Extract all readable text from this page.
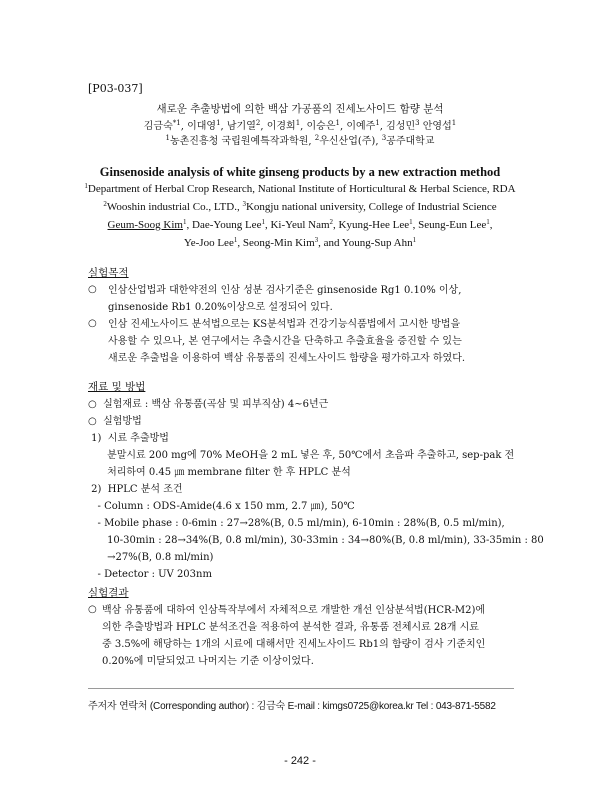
[P03-037]
새로운 추출방법에 의한 백삼 가공품의 진세노사이드 함량 분석
김금숙$^{*1}$, 이대영$^1$, 남기열$^2$, 이경희$^1$, 이승은$^1$, 이예주$^1$, 김성민$^3$ 안영섭$^1$
$^1$농촌진흥청 국립원예특작과학원, $^2$우신산업(주), $^3$공주대학교
Ginsenoside analysis of white ginseng products by a new extraction method
$^1$Department of Herbal Crop Research, National Institute of Horticultural & Herbal Science, RDA
$^2$Wooshin industrial Co., LTD., $^3$Kongju national university, College of Industrial Science
Geum-Soog Kim$^1$, Dae-Young Lee$^1$, Ki-Yeul Nam$^2$, Kyung-Hee Lee$^1$, Seung-Eun Lee$^1$,
Ye-Joo Lee$^1$, Seong-Min Kim$^3$, and Young-Sup Ahn$^1$
실험목적
○ 인삼산업법과 대한약전의 인삼 성분 검사기준은 ginsenoside Rg1 0.10% 이상,
ginsenoside Rb1 0.20%이상으로 설정되어 있다.
○ 인삼 진세노사이드 분석법으로는 KS분석법과 건강기능식품법에서 고시한 방법을
사용할 수 있으나, 본 연구에서는 추출시간을 단축하고 추출효율을 증진할 수 있는
새로운 추출법을 이용하여 백삼 유통품의 진세노사이드 함량을 평가하고자 하였다.
재료 및 방법
○  실험재료 : 백삼 유통품(곡삼 및 피부직삼) 4~6년근
○  실험방법
1)  시료 추출방법
분말시료 200 mg에 70% MeOH을 2 mL 넣은 후, 50℃에서 초음파 추출하고, sep-pak 전
처리하여 0.45 ㎛ membrane filter 한 후 HPLC 분석
2)  HPLC 분석 조건
- Column : ODS-Amide(4.6 x 150 mm, 2.7 ㎛), 50℃
- Mobile phase : 0-6min : 27→28%(B, 0.5 ml/min), 6-10min : 28%(B, 0.5 ml/min),
10-30min : 28→34%(B, 0.8 ml/min), 30-33min : 34→80%(B, 0.8 ml/min), 33-35min : 80
→27%(B, 0.8 ml/min)
- Detector : UV 203nm
실험결과
○ 백삼 유통품에 대하여 인삼특작부에서 자체적으로 개발한 개선 인삼분석법(HCR-M2)에
의한 추출방법과 HPLC 분석조건을 적용하여 분석한 결과, 유통품 전체시료 28개 시료
중 3.5%에 해당하는 1개의 시료에 대해서만 진세노사이드 Rb1의 함량이 검사 기준치인
0.20%에 미달되었고 나머지는 기준 이상이었다.
주저자 연락처 (Corresponding author) : 김금숙 E-mail : kimgs0725@korea.kr Tel : 043-871-5582
- 242 -
